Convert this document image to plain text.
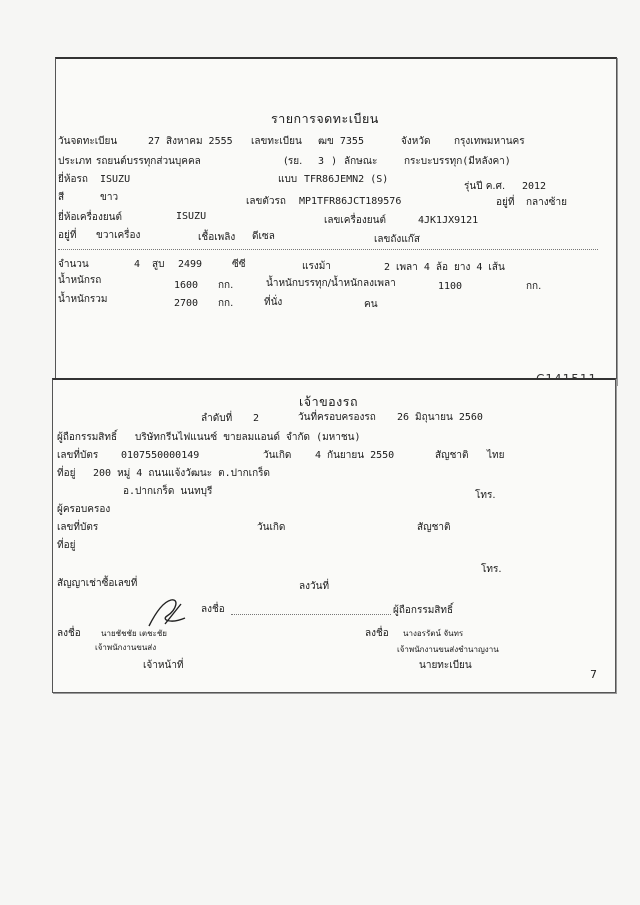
รายการจดทะเบียน
วันจดทะเบียน	27 สิงหาคม 2555 เลขทะเบียน ฒข 7355	จังหวัด กรุงเทพมหานคร
ประเภท รถยนต์บรรทุกส่วนบุคคล	(รย. 3 ) ลักษณะ	กระบะบรรทุก(มีหลังคา)
ยี่ห้อรถ ISUZU	แบบ TFR86JEMN2 (S)
รุ่นปี ค.ศ. 2012
สี	ขาว	เลขตัวรถ MP1TFR86JCT189576	อยู่ที่ กลางซ้าย
ยี่ห้อเครื่องยนต์	ISUZU	เลขเครื่องยนต์	4JK1JX9121
อยู่ที่ ขวาเครื่อง	เชื้อเพลิง ดีเซล	เลขถังแก๊ส
จำนวน	4 สูบ 2499	ซีซี	แรงม้า	2 เพลา 4 ล้อ ยาง 4 เส้น
น้ำหนักรถ	1600 กก.	น้ำหนักบรรทุก/น้ำหนักลงเพลา	1100	กก.
น้ำหนักรวม	2700 กก.	ที่นั่ง	คน
เจ้าของรถ
ลำดับที่ 2	วันที่ครอบครองรถ 26 มิถุนายน 2560
ผู้ถือกรรมสิทธิ์ บริษัทกรีนไฟแนนซ์ ขายลมแอนด์ จำกัด (มหาชน)
เลขที่บัตร 0107550000149	วันเกิด 4 กันยายน 2550	สัญชาติ ไทย
ที่อยู่ 200 หมู่ 4 ถนนแจ้งวัฒนะ ต.ปากเกร็ด
อ.ปากเกร็ด นนทบุรี	โทร.
ผู้ครอบครอง
เลขที่บัตร	วันเกิด	สัญชาติ
ที่อยู่
โทร.
สัญญาเช่าซื้อเลขที่	ลงวันที่
ลงชื่อ	ผู้ถือกรรมสิทธิ์
ลงชื่อ	นายชัชชัย เตชะชัย
เจ้าพนักงานขนส่ง
เจ้าหน้าที่
ลงชื่อ นางอรรัตน์ จันทร
เจ้าพนักงานขนส่งชำนาญงาน
นายทะเบียน
7
